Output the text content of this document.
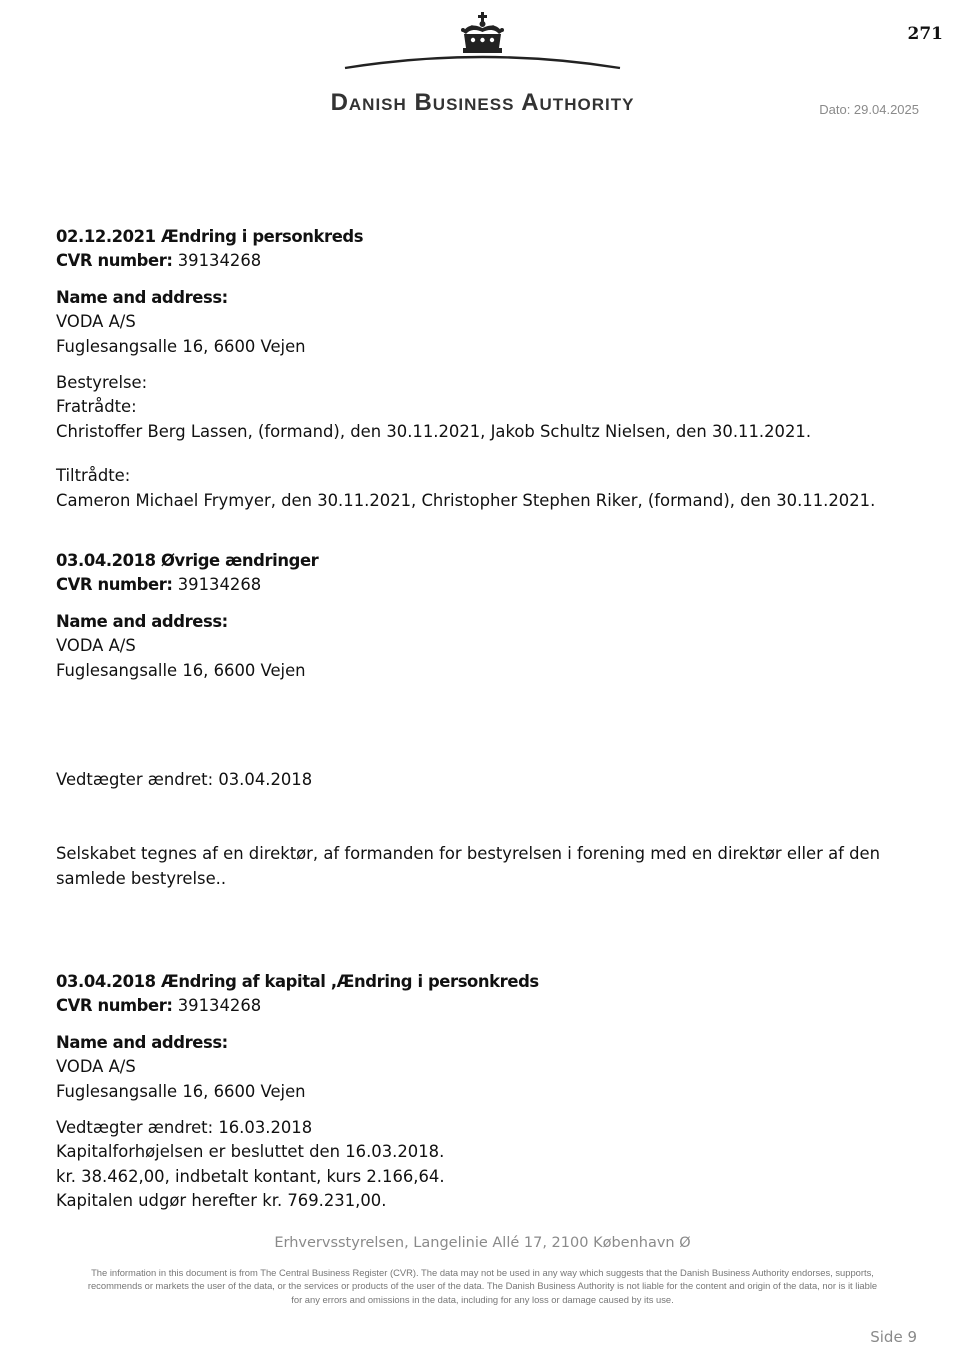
271
Danish Business Authority	Dato: 29.04.2025
02.12.2021 Ændring i personkreds
CVR number: 39134268
Name and address:
VODA A/S
Fuglesangsalle 16, 6600 Vejen
Bestyrelse:
Fratrådte:
Christoffer Berg Lassen, (formand), den 30.11.2021, Jakob Schultz Nielsen, den 30.11.2021.
Tiltrådte:
Cameron Michael Frymyer, den 30.11.2021, Christopher Stephen Riker, (formand), den 30.11.2021.
03.04.2018 Øvrige ændringer
CVR number: 39134268
Name and address:
VODA A/S
Fuglesangsalle 16, 6600 Vejen
Vedtægter ændret: 03.04.2018
Selskabet tegnes af en direktør, af formanden for bestyrelsen i forening med en direktør eller af den
samlede bestyrelse..
03.04.2018 Ændring af kapital ,Ændring i personkreds
CVR number: 39134268
Name and address:
VODA A/S
Fuglesangsalle 16, 6600 Vejen
Vedtægter ændret: 16.03.2018
Kapitalforhøjelsen er besluttet den 16.03.2018.
kr. 38.462,00, indbetalt kontant, kurs 2.166,64.
Kapitalen udgør herefter kr. 769.231,00.
Erhvervsstyrelsen, Langelinie Allé 17, 2100 København Ø
The information in this document is from The Central Business Register (CVR). The data may not be used in any way which suggests that the Danish Business Authority endorses, supports,
recommends or markets the user of the data, or the services or products of the user of the data. The Danish Business Authority is not liable for the content and origin of the data, nor is it liable
for any errors and omissions in the data, including for any loss or damage caused by its use.
Side 9
